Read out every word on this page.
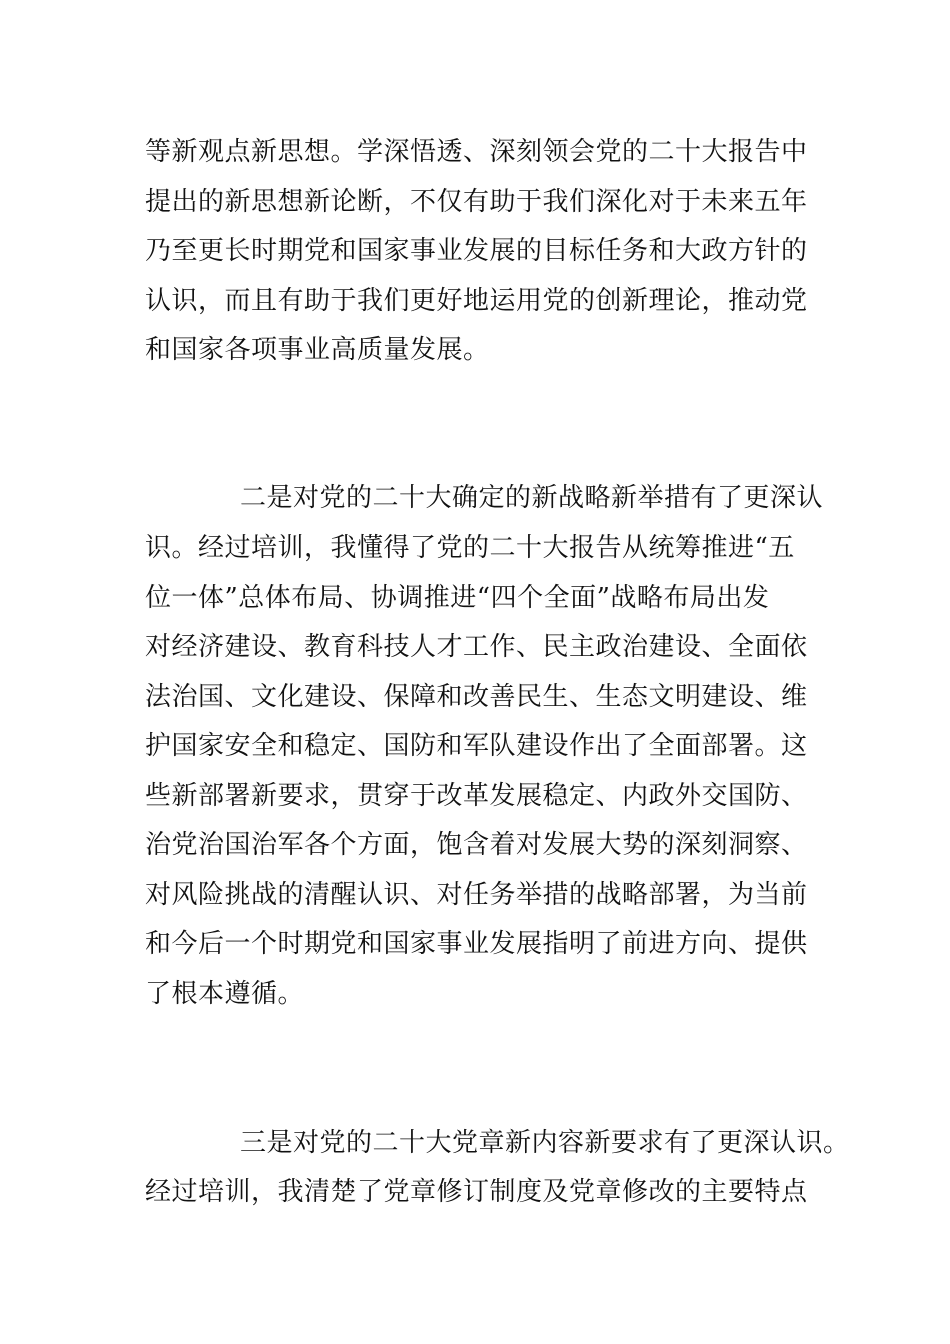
等新观点新思想。学深悟透、深刻领会党的二十大报告中
提出的新思想新论断，不仅有助于我们深化对于未来五年
乃至更长时期党和国家事业发展的目标任务和大政方针的
认识，而且有助于我们更好地运用党的创新理论，推动党
和国家各项事业高质量发展。
二是对党的二十大确定的新战略新举措有了更深认
识。经过培训，我懂得了党的二十大报告从统筹推进“五
位一体”总体布局、协调推进“四个全面”战略布局出发
对经济建设、教育科技人才工作、民主政治建设、全面依
法治国、文化建设、保障和改善民生、生态文明建设、维
护国家安全和稳定、国防和军队建设作出了全面部署。这
些新部署新要求，贯穿于改革发展稳定、内政外交国防、
治党治国治军各个方面，饱含着对发展大势的深刻洞察、
对风险挑战的清醒认识、对任务举措的战略部署，为当前
和今后一个时期党和国家事业发展指明了前进方向、提供
了根本遵循。
三是对党的二十大党章新内容新要求有了更深认识。
经过培训，我清楚了党章修订制度及党章修改的主要特点
